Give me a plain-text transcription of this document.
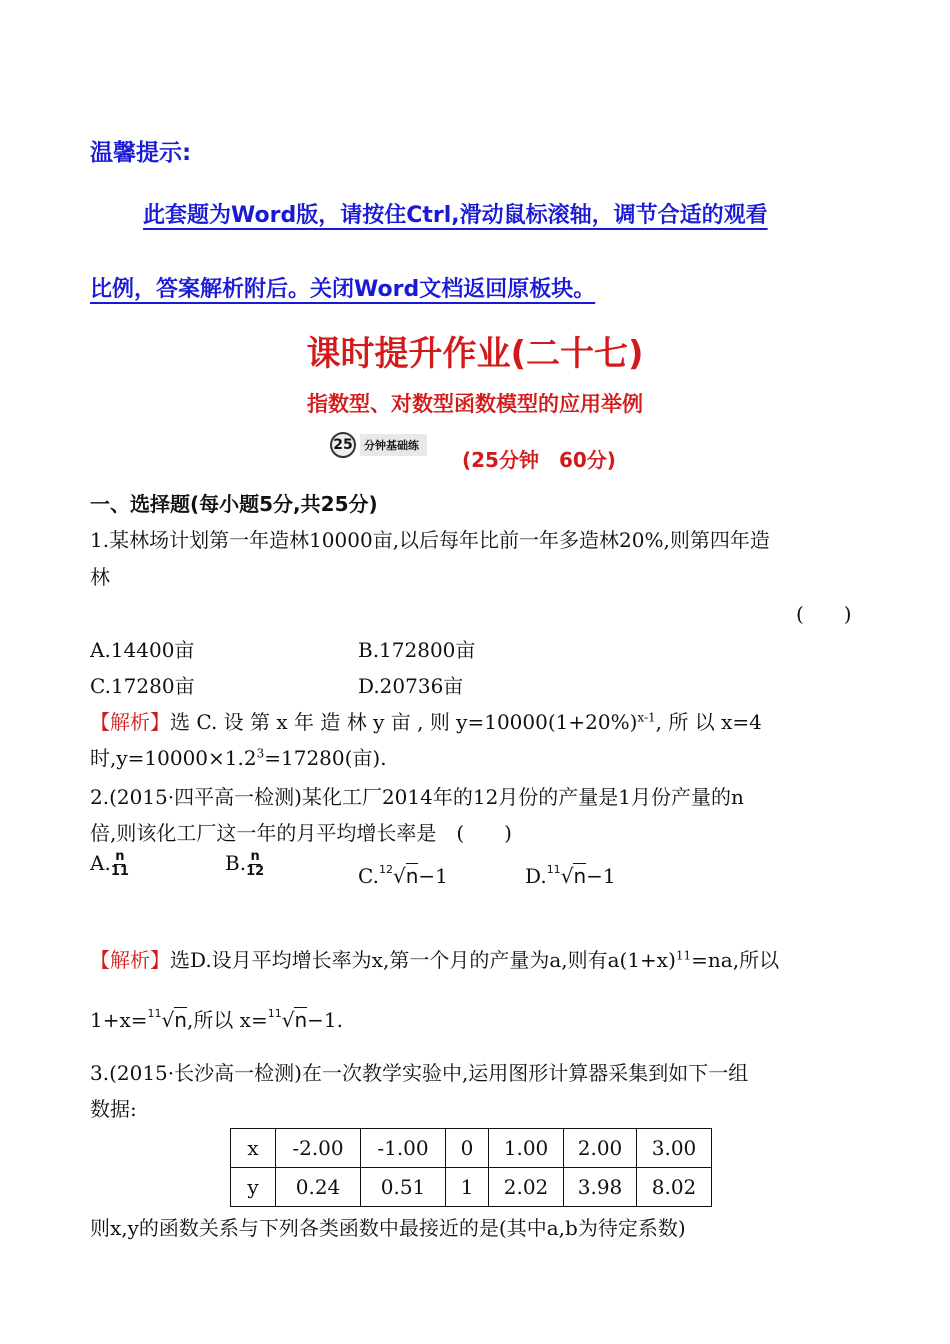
温馨提示:
此套题为Word版，请按住Ctrl,滑动鼠标滚轴，调节合适的观看
比例，答案解析附后。关闭Word文档返回原板块。
课时提升作业(二十七)
指数型、对数型函数模型的应用举例
25	分钟基础练
(25分钟　60分)
一、选择题(每小题5分,共25分)
1.某林场计划第一年造林10000亩,以后每年比前一年多造林20%,则第四年造
林
(　　)
A.14400亩	B.172800亩
C.17280亩	D.20736亩
【解析】选 C. 设 第 x 年 造 林 y 亩 , 则 $y=10000(1+20\%)^{x-1}$, 所 以 x=4
时$,y=10000\times 1.2^3=17280$(亩).
2.(2015·四平高一检测)某化工厂2014年的12月份的产量是1月份产量的n
倍,则该化工厂这一年的月平均增长率是　(　　)
A. $\frac{n}{11}$	B. $\frac{n}{12}$	C.$^{12}$√n−1	D.$^{11}$√n−1
【解析】选D.设月平均增长率为x,第一个月的产量为a,则有$a(1+x)^{11}=na$,所以
1+x=$^{11}$√n,所以 x=$^{11}$√n−1.
3.(2015·长沙高一检测)在一次教学实验中,运用图形计算器采集到如下一组
数据:
x	-2.00	-1.00	0	1.00	2.00	3.00
y	0.24	0.51	1	2.02	3.98	8.02
则x,y的函数关系与下列各类函数中最接近的是(其中a,b为待定系数)
